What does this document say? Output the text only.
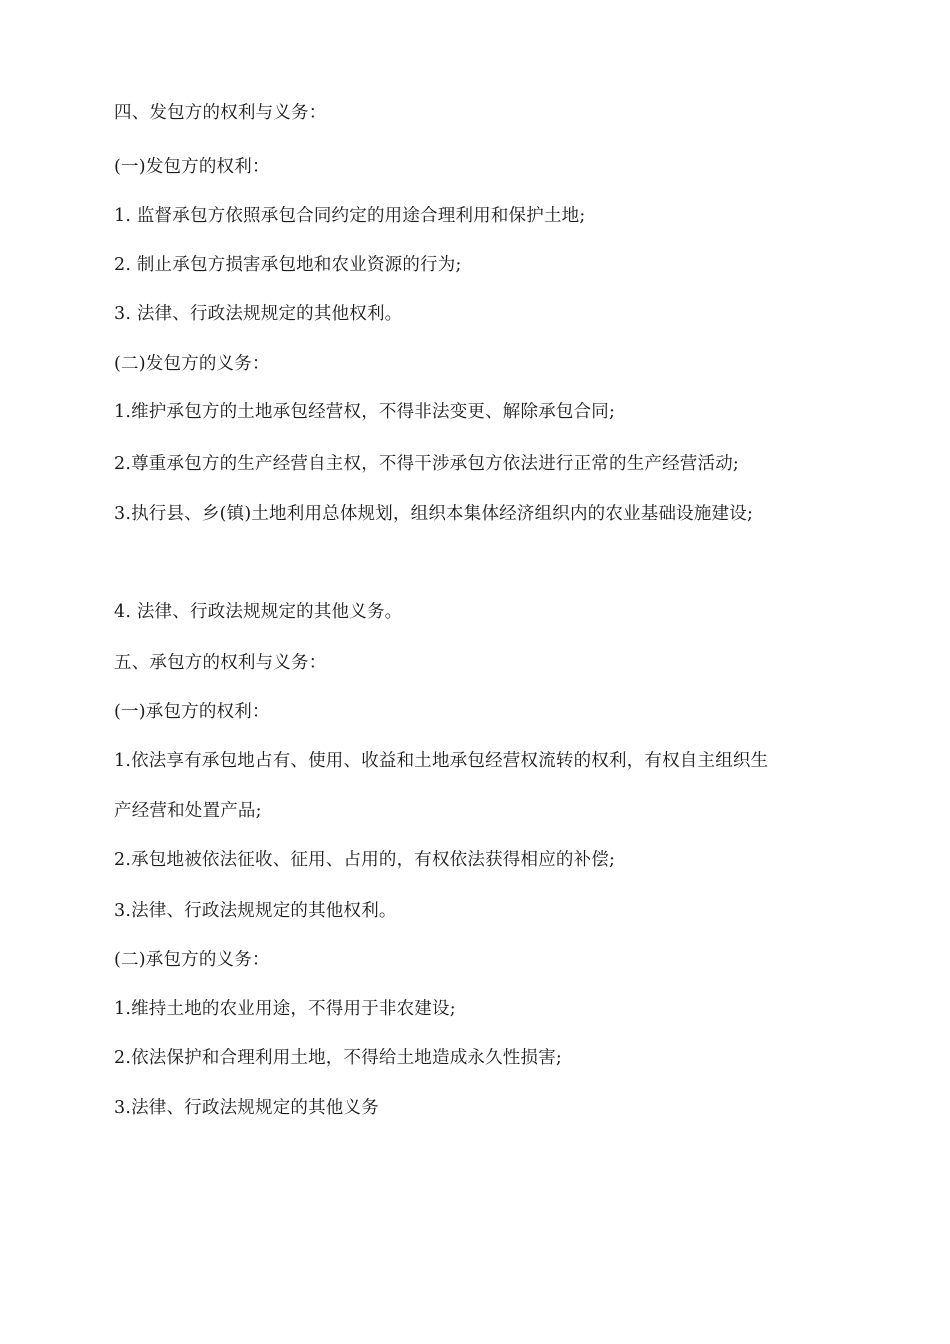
四、发包方的权利与义务：
(一)发包方的权利：
1. 监督承包方依照承包合同约定的用途合理利用和保护土地;
2. 制止承包方损害承包地和农业资源的行为;
3. 法律、行政法规规定的其他权利。
(二)发包方的义务：
1.维护承包方的土地承包经营权，不得非法变更、解除承包合同;
2.尊重承包方的生产经营自主权，不得干涉承包方依法进行正常的生产经营活动;
3.执行县、乡(镇)土地利用总体规划，组织本集体经济组织内的农业基础设施建设;
4. 法律、行政法规规定的其他义务。
五、承包方的权利与义务：
(一)承包方的权利：
1.依法享有承包地占有、使用、收益和土地承包经营权流转的权利，有权自主组织生
产经营和处置产品;
2.承包地被依法征收、征用、占用的，有权依法获得相应的补偿;
3.法律、行政法规规定的其他权利。
(二)承包方的义务：
1.维持土地的农业用途，不得用于非农建设;
2.依法保护和合理利用土地，不得给土地造成永久性损害;
3.法律、行政法规规定的其他义务
